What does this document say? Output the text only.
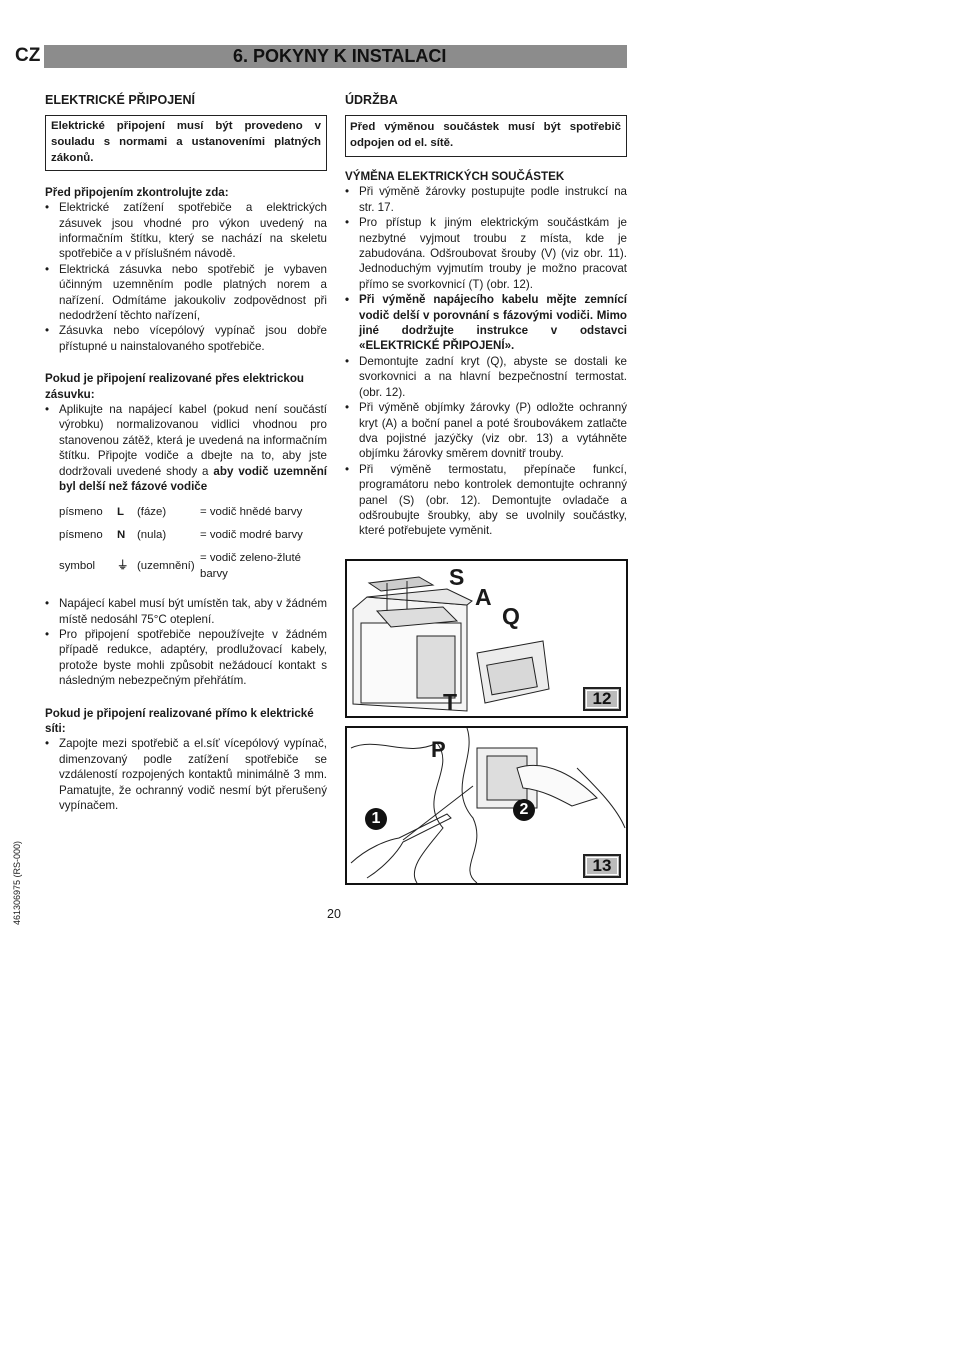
CZ	6. POKYNY K INSTALACI
ELEKTRICKÉ PŘIPOJENÍ
Elektrické připojení musí být provedeno v souladu s normami a ustanoveními platných zákonů.
Před připojením zkontrolujte zda:
• Elektrické zatížení spotřebiče a elektrických zásuvek jsou vhodné pro výkon uvedený na informačním štítku, který se nachází na skeletu spotřebiče a v příslušném návodě.
• Elektrická zásuvka nebo spotřebič je vybaven účinným uzemněním podle platných norem a nařízení. Odmítáme jakoukoliv zodpovědnost při nedodržení těchto nařízení,
• Zásuvka nebo vícepólový vypínač jsou dobře přístupné u nainstalovaného spotřebiče.
Pokud je připojení realizované přes elektrickou zásuvku:
• Aplikujte na napájecí kabel (pokud není součástí výrobku) normalizovanou vidlici vhodnou pro stanovenou zátěž, která je uvedená na informačním štítku. Připojte vodiče a dbejte na to, aby jste dodržovali uvedené shody a aby vodič uzemnění byl delší než fázové vodiče
písmeno	L	(fáze)	= vodič hnědé barvy
písmeno	N	(nula)	= vodič modré barvy
symbol	⏚	(uzemnění)	= vodič zeleno-žluté barvy
• Napájecí kabel musí být umístěn tak, aby v žádném místě nedosáhl 75°C oteplení.
• Pro připojení spotřebiče nepoužívejte v žádném případě redukce, adaptéry, prodlužovací kabely, protože byste mohli způsobit nežádoucí kontakt s následným nebezpečným přehřátím.
Pokud je připojení realizované přímo k elektrické síti:
• Zapojte mezi spotřebič a el.síť vícepólový vypínač, dimenzovaný podle zatížení spotřebiče se vzdáleností rozpojených kontaktů minimálně 3 mm. Pamatujte, že ochranný vodič nesmí být přerušený vypínačem.
ÚDRŽBA
Před výměnou součástek musí být spotřebič odpojen od el. sítě.
VÝMĚNA ELEKTRICKÝCH SOUČÁSTEK
• Při výměně žárovky postupujte podle instrukcí na str. 17.
• Pro přístup k jiným elektrickým součástkám je nezbytné vyjmout troubu z místa, kde je zabudována. Odšroubovat šrouby (V) (viz obr. 11). Jednoduchým vyjmutím trouby je možno pracovat přímo se svorkovnicí (T) (obr. 12).
• Při výměně napájecího kabelu mějte zemnící vodič delší v porovnání s fázovými vodiči. Mimo jiné dodržujte instrukce v odstavci «ELEKTRICKÉ PŘIPOJENÍ».
• Demontujte zadní kryt (Q), abyste se dostali ke svorkovnici a na hlavní bezpečnostní termostat. (obr. 12).
• Při výměně objímky žárovky (P) odložte ochranný kryt (A) a boční panel a poté šroubovákem zatlačte dva pojistné jazýčky (viz obr. 13) a vytáhněte objímku žárovky směrem dovnitř trouby.
• Při výměně termostatu, přepínače funkcí, programátoru nebo kontrolek demontujte ochranný panel (S) (obr. 12). Demontujte ovladače a odšroubujte šroubky, aby se uvolnily součástky, které potřebujete vyměnit.
S
A
Q
T	12
P
1
2
13
20
461306975 (RS-000)
